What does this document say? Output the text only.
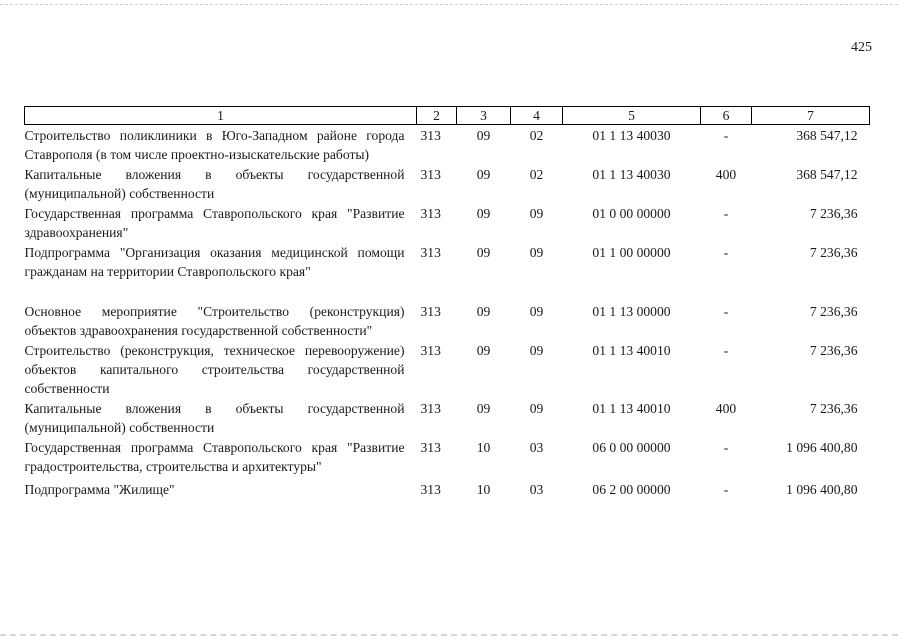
425
1	2	3	4	5	6	7
Строительство поликлиники в Юго-Западном районе города Ставрополя (в том числе проектно-изыскательские работы)	313	09	02	01 1 13 40030	-	368 547,12
Капитальные вложения в объекты государственной (муниципальной) собственности	313	09	02	01 1 13 40030	400	368 547,12
Государственная программа Ставропольского края "Развитие здравоохранения"	313	09	09	01 0 00 00000	-	7 236,36
Подпрограмма "Организация оказания медицинской помощи гражданам на территории Ставропольского края"	313	09	09	01 1 00 00000	-	7 236,36

Основное мероприятие "Строительство (реконструкция) объектов здравоохранения государственной собственности"	313	09	09	01 1 13 00000	-	7 236,36
Строительство (реконструкция, техническое перевооружение) объектов капитального строительства государственной собственности	313	09	09	01 1 13 40010	-	7 236,36
Капитальные вложения в объекты государственной (муниципальной) собственности	313	09	09	01 1 13 40010	400	7 236,36
Государственная программа Ставропольского края "Развитие градостроительства, строительства и архитектуры"	313	10	03	06 0 00 00000	-	1 096 400,80
Подпрограмма "Жилище"	313	10	03	06 2 00 00000	-	1 096 400,80
